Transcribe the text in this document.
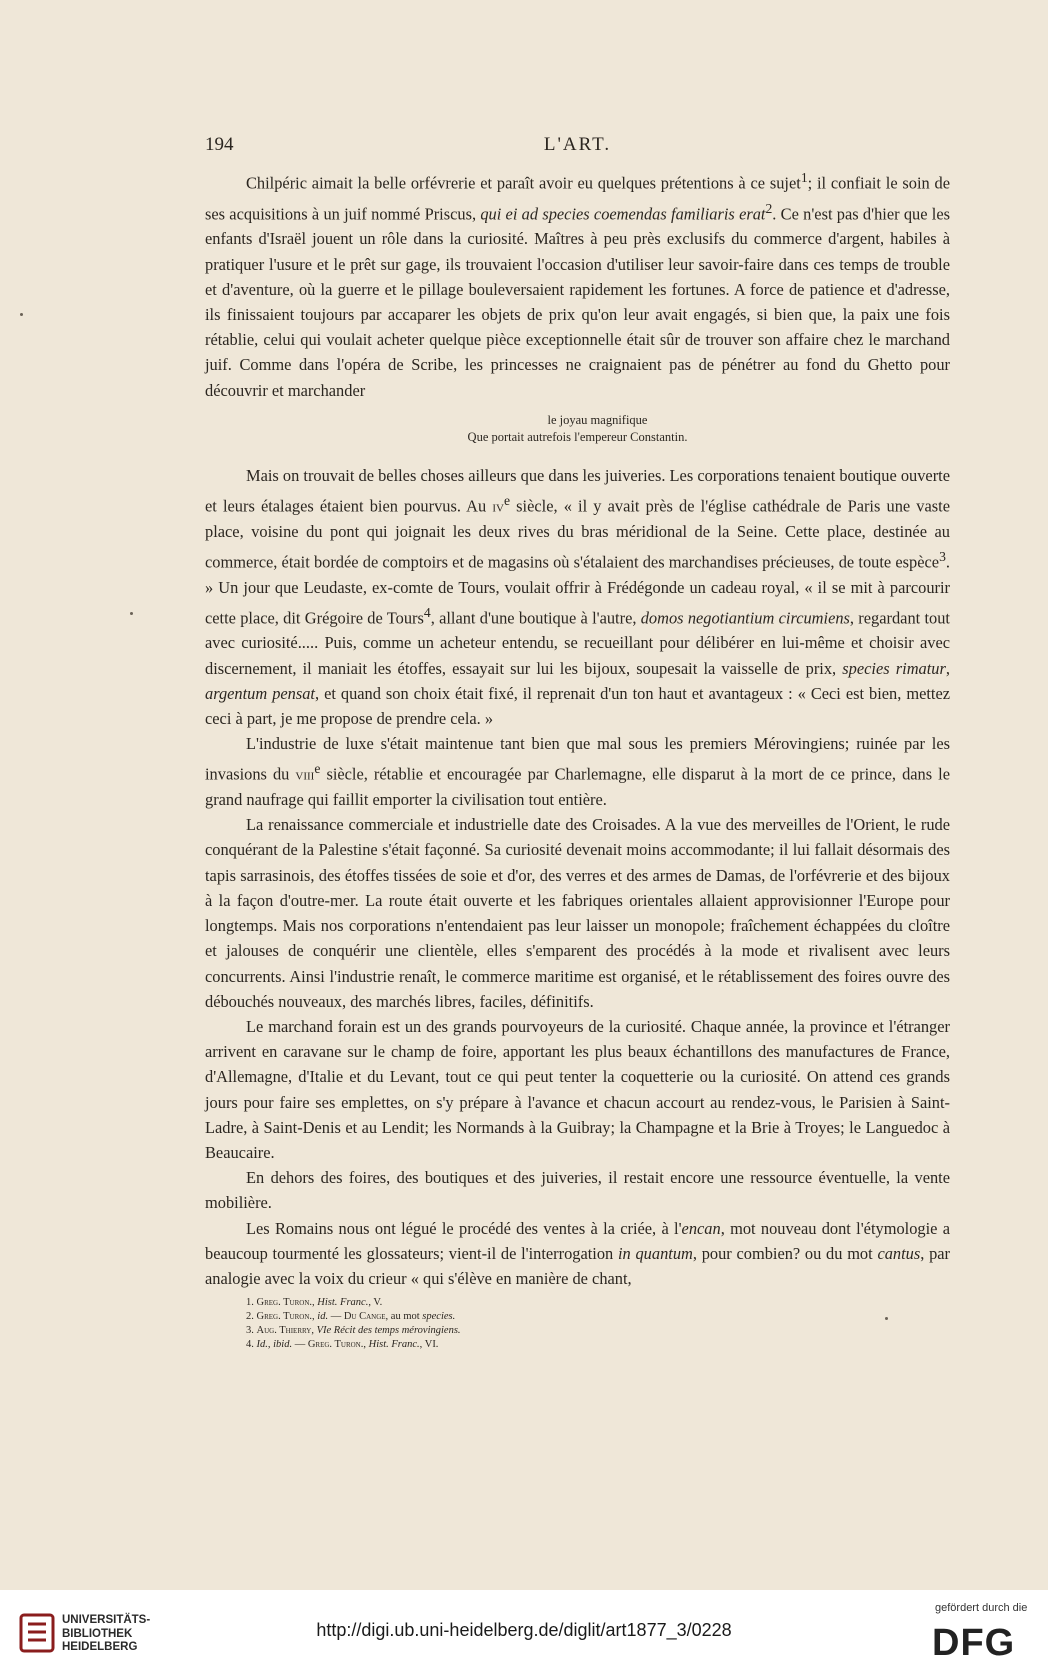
194	L'ART.

Chilpéric aimait la belle orfévrerie et paraît avoir eu quelques prétentions à ce sujet$^1$; il confiait le soin de ses acquisitions à un juif nommé Priscus, qui ei ad species coemendas familiaris erat$^2$. Ce n'est pas d'hier que les enfants d'Israël jouent un rôle dans la curiosité. Maîtres à peu près exclusifs du commerce d'argent, habiles à pratiquer l'usure et le prêt sur gage, ils trouvaient l'occasion d'utiliser leur savoir-faire dans ces temps de trouble et d'aventure, où la guerre et le pillage bouleversaient rapidement les fortunes. A force de patience et d'adresse, ils finissaient toujours par accaparer les objets de prix qu'on leur avait engagés, si bien que, la paix une fois rétablie, celui qui voulait acheter quelque pièce exceptionnelle était sûr de trouver son affaire chez le marchand juif. Comme dans l'opéra de Scribe, les princesses ne craignaient pas de pénétrer au fond du Ghetto pour découvrir et marchander

le joyau magnifique
Que portait autrefois l'empereur Constantin.

Mais on trouvait de belles choses ailleurs que dans les juiveries. Les corporations tenaient boutique ouverte et leurs étalages étaient bien pourvus. Au $iv^e$ siècle, « il y avait près de l'église cathédrale de Paris une vaste place, voisine du pont qui joignait les deux rives du bras méridional de la Seine. Cette place, destinée au commerce, était bordée de comptoirs et de magasins où s'étalaient des marchandises précieuses, de toute espèce$^3$. » Un jour que Leudaste, ex-comte de Tours, voulait offrir à Frédégonde un cadeau royal, « il se mit à parcourir cette place, dit Grégoire de Tours$^4$, allant d'une boutique à l'autre, domos negotiantium circumiens, regardant tout avec curiosité..... Puis, comme un acheteur entendu, se recueillant pour délibérer en lui-même et choisir avec discernement, il maniait les étoffes, essayait sur lui les bijoux, soupesait la vaisselle de prix, species rimatur, argentum pensat, et quand son choix était fixé, il reprenait d'un ton haut et avantageux : « Ceci est bien, mettez ceci à part, je me propose de prendre cela. »

L'industrie de luxe s'était maintenue tant bien que mal sous les premiers Mérovingiens; ruinée par les invasions du viii$^e$ siècle, rétablie et encouragée par Charlemagne, elle disparut à la mort de ce prince, dans le grand naufrage qui faillit emporter la civilisation tout entière.

La renaissance commerciale et industrielle date des Croisades. A la vue des merveilles de l'Orient, le rude conquérant de la Palestine s'était façonné. Sa curiosité devenait moins accommodante; il lui fallait désormais des tapis sarrasinois, des étoffes tissées de soie et d'or, des verres et des armes de Damas, de l'orfévrerie et des bijoux à la façon d'outre-mer. La route était ouverte et les fabriques orientales allaient approvisionner l'Europe pour longtemps. Mais nos corporations n'entendaient pas leur laisser un monopole; fraîchement échappées du cloître et jalouses de conquérir une clientèle, elles s'emparent des procédés à la mode et rivalisent avec leurs concurrents. Ainsi l'industrie renaît, le commerce maritime est organisé, et le rétablissement des foires ouvre des débouchés nouveaux, des marchés libres, faciles, définitifs.

Le marchand forain est un des grands pourvoyeurs de la curiosité. Chaque année, la province et l'étranger arrivent en caravane sur le champ de foire, apportant les plus beaux échantillons des manufactures de France, d'Allemagne, d'Italie et du Levant, tout ce qui peut tenter la coquetterie ou la curiosité. On attend ces grands jours pour faire ses emplettes, on s'y prépare à l'avance et chacun accourt au rendez-vous, le Parisien à Saint-Ladre, à Saint-Denis et au Lendit; les Normands à la Guibray; la Champagne et la Brie à Troyes; le Languedoc à Beaucaire.

En dehors des foires, des boutiques et des juiveries, il restait encore une ressource éventuelle, la vente mobilière.

Les Romains nous ont légué le procédé des ventes à la criée, à l'encan, mot nouveau dont l'étymologie a beaucoup tourmenté les glossateurs; vient-il de l'interrogation in quantum, pour combien? ou du mot cantus, par analogie avec la voix du crieur « qui s'élève en manière de chant,

1. Greg. Turon., Hist. Franc., V.
2. Greg. Turon., id. — Du Cange, au mot species.
3. Aug. Thierry, VIe Récit des temps mérovingiens.
4. Id., ibid. — Greg. Turon., Hist. Franc., VI.
UNIVERSITÄTS-
BIBLIOTHEK
HEIDELBERG
http://digi.ub.uni-heidelberg.de/diglit/art1877_3/0228
gefördert durch die
DFG
